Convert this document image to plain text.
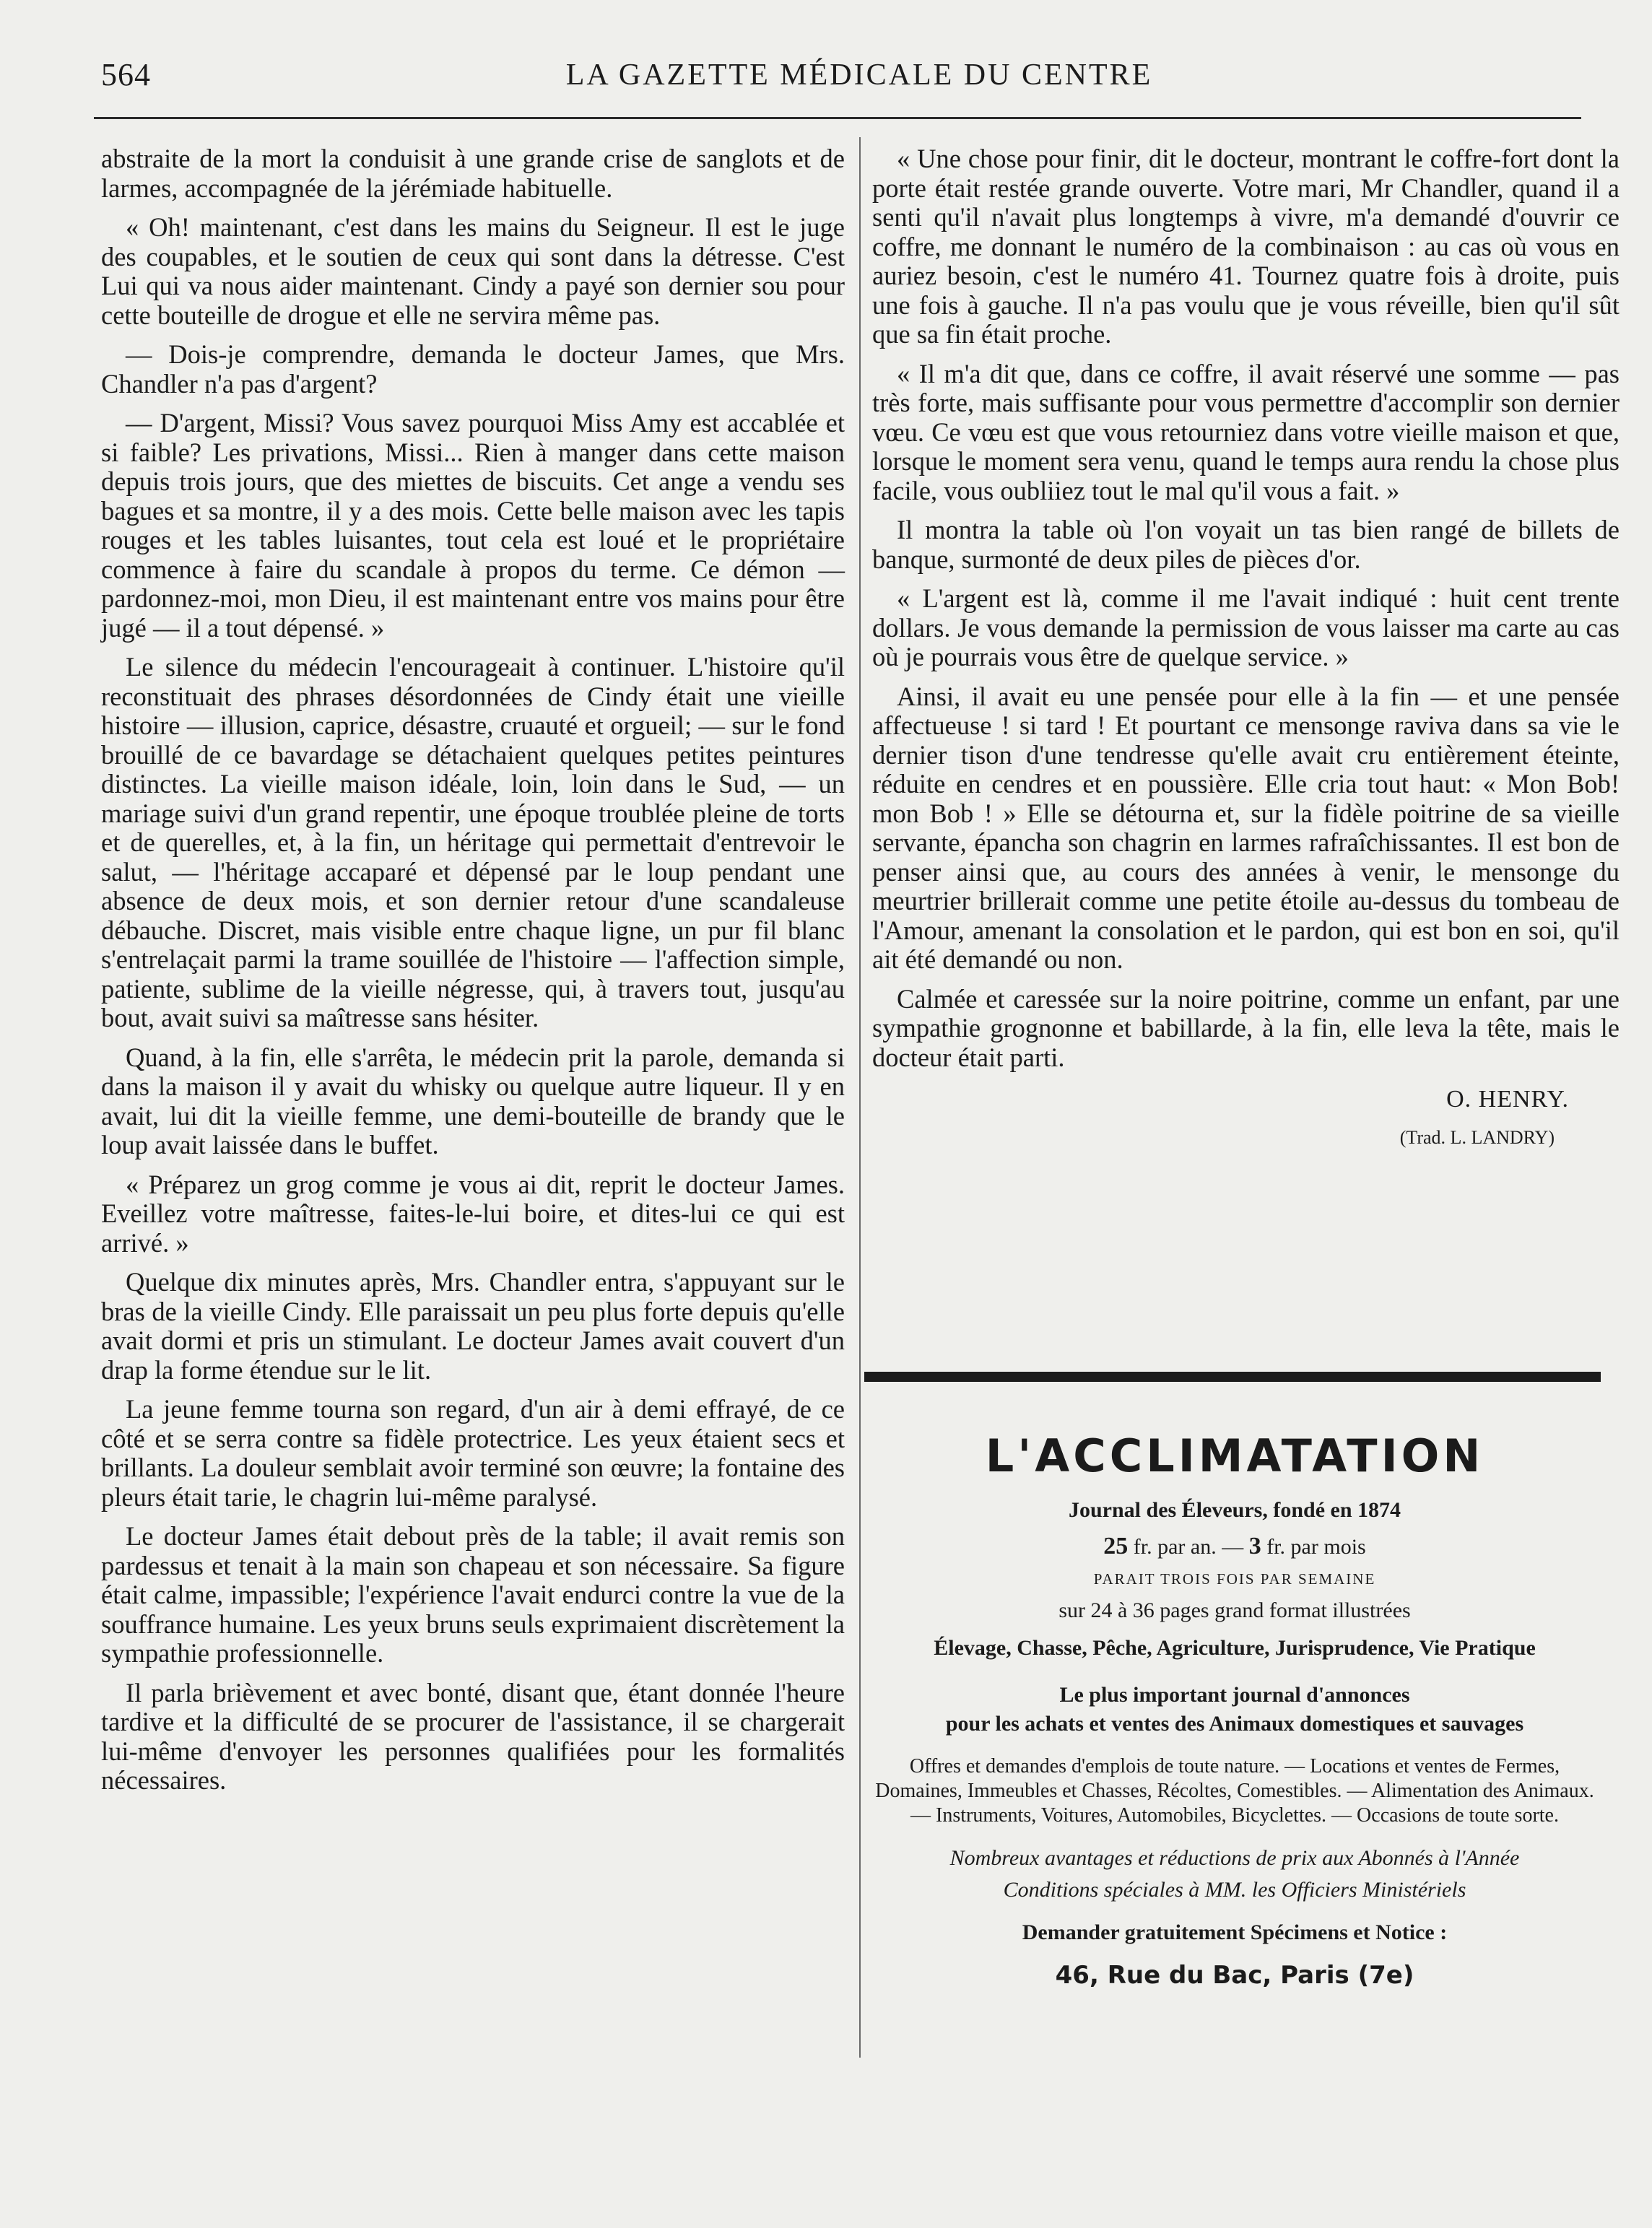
564	LA GAZETTE MÉDICALE DU CENTRE

abstraite de la mort la conduisit à une grande crise de sanglots et de larmes, accompagnée de la jérémiade habituelle.

« Oh! maintenant, c'est dans les mains du Seigneur. Il est le juge des coupables, et le soutien de ceux qui sont dans la détresse. C'est Lui qui va nous aider maintenant. Cindy a payé son dernier sou pour cette bouteille de drogue et elle ne servira même pas.

— Dois-je comprendre, demanda le docteur James, que Mrs. Chandler n'a pas d'argent?

— D'argent, Missi? Vous savez pourquoi Miss Amy est accablée et si faible? Les privations, Missi... Rien à manger dans cette maison depuis trois jours, que des miettes de biscuits. Cet ange a vendu ses bagues et sa montre, il y a des mois. Cette belle maison avec les tapis rouges et les tables luisantes, tout cela est loué et le propriétaire commence à faire du scandale à propos du terme. Ce démon — pardonnez-moi, mon Dieu, il est maintenant entre vos mains pour être jugé — il a tout dépensé. »

Le silence du médecin l'encourageait à continuer. L'histoire qu'il reconstituait des phrases désordonnées de Cindy était une vieille histoire — illusion, caprice, désastre, cruauté et orgueil; — sur le fond brouillé de ce bavardage se détachaient quelques petites peintures distinctes. La vieille maison idéale, loin, loin dans le Sud, — un mariage suivi d'un grand repentir, une époque troublée pleine de torts et de querelles, et, à la fin, un héritage qui permettait d'entrevoir le salut, — l'héritage accaparé et dépensé par le loup pendant une absence de deux mois, et son dernier retour d'une scandaleuse débauche. Discret, mais visible entre chaque ligne, un pur fil blanc s'entrelaçait parmi la trame souillée de l'histoire — l'affection simple, patiente, sublime de la vieille négresse, qui, à travers tout, jusqu'au bout, avait suivi sa maîtresse sans hésiter.

Quand, à la fin, elle s'arrêta, le médecin prit la parole, demanda si dans la maison il y avait du whisky ou quelque autre liqueur. Il y en avait, lui dit la vieille femme, une demi-bouteille de brandy que le loup avait laissée dans le buffet.

« Préparez un grog comme je vous ai dit, reprit le docteur James. Eveillez votre maîtresse, faites-le-lui boire, et dites-lui ce qui est arrivé. »

Quelque dix minutes après, Mrs. Chandler entra, s'appuyant sur le bras de la vieille Cindy. Elle paraissait un peu plus forte depuis qu'elle avait dormi et pris un stimulant. Le docteur James avait couvert d'un drap la forme étendue sur le lit.

La jeune femme tourna son regard, d'un air à demi effrayé, de ce côté et se serra contre sa fidèle protectrice. Les yeux étaient secs et brillants. La douleur semblait avoir terminé son œuvre; la fontaine des pleurs était tarie, le chagrin lui-même paralysé.

Le docteur James était debout près de la table; il avait remis son pardessus et tenait à la main son chapeau et son nécessaire. Sa figure était calme, impassible; l'expérience l'avait endurci contre la vue de la souffrance humaine. Les yeux bruns seuls exprimaient discrètement la sympathie professionnelle.

Il parla brièvement et avec bonté, disant que, étant donnée l'heure tardive et la difficulté de se procurer de l'assistance, il se chargerait lui-même d'envoyer les personnes qualifiées pour les formalités nécessaires.

« Une chose pour finir, dit le docteur, montrant le coffre-fort dont la porte était restée grande ouverte. Votre mari, Mr Chandler, quand il a senti qu'il n'avait plus longtemps à vivre, m'a demandé d'ouvrir ce coffre, me donnant le numéro de la combinaison : au cas où vous en auriez besoin, c'est le numéro 41. Tournez quatre fois à droite, puis une fois à gauche. Il n'a pas voulu que je vous réveille, bien qu'il sût que sa fin était proche.

« Il m'a dit que, dans ce coffre, il avait réservé une somme — pas très forte, mais suffisante pour vous permettre d'accomplir son dernier vœu. Ce vœu est que vous retourniez dans votre vieille maison et que, lorsque le moment sera venu, quand le temps aura rendu la chose plus facile, vous oubliiez tout le mal qu'il vous a fait. »

Il montra la table où l'on voyait un tas bien rangé de billets de banque, surmonté de deux piles de pièces d'or.

« L'argent est là, comme il me l'avait indiqué : huit cent trente dollars. Je vous demande la permission de vous laisser ma carte au cas où je pourrais vous être de quelque service. »

Ainsi, il avait eu une pensée pour elle à la fin — et une pensée affectueuse ! si tard ! Et pourtant ce mensonge raviva dans sa vie le dernier tison d'une tendresse qu'elle avait cru entièrement éteinte, réduite en cendres et en poussière. Elle cria tout haut: « Mon Bob! mon Bob ! » Elle se détourna et, sur la fidèle poitrine de sa vieille servante, épancha son chagrin en larmes rafraîchissantes. Il est bon de penser ainsi que, au cours des années à venir, le mensonge du meurtrier brillerait comme une petite étoile au-dessus du tombeau de l'Amour, amenant la consolation et le pardon, qui est bon en soi, qu'il ait été demandé ou non.

Calmée et caressée sur la noire poitrine, comme un enfant, par une sympathie grognonne et babillarde, à la fin, elle leva la tête, mais le docteur était parti.

O. HENRY.
(Trad. L. LANDRY)
L'ACCLIMATATION
Journal des Éleveurs, fondé en 1874
25 fr. par an. — 3 fr. par mois
PARAIT TROIS FOIS PAR SEMAINE
sur 24 à 36 pages grand format illustrées
Élevage, Chasse, Pêche, Agriculture, Jurisprudence, Vie Pratique
Le plus important journal d'annonces
pour les achats et ventes des Animaux domestiques et sauvages
Offres et demandes d'emplois de toute nature. — Locations et ventes de Fermes, Domaines, Immeubles et Chasses, Récoltes, Comestibles. — Alimentation des Animaux. — Instruments, Voitures, Automobiles, Bicyclettes. — Occasions de toute sorte.
Nombreux avantages et réductions de prix aux Abonnés à l'Année
Conditions spéciales à MM. les Officiers Ministériels
Demander gratuitement Spécimens et Notice :
46, Rue du Bac, Paris (7e)
